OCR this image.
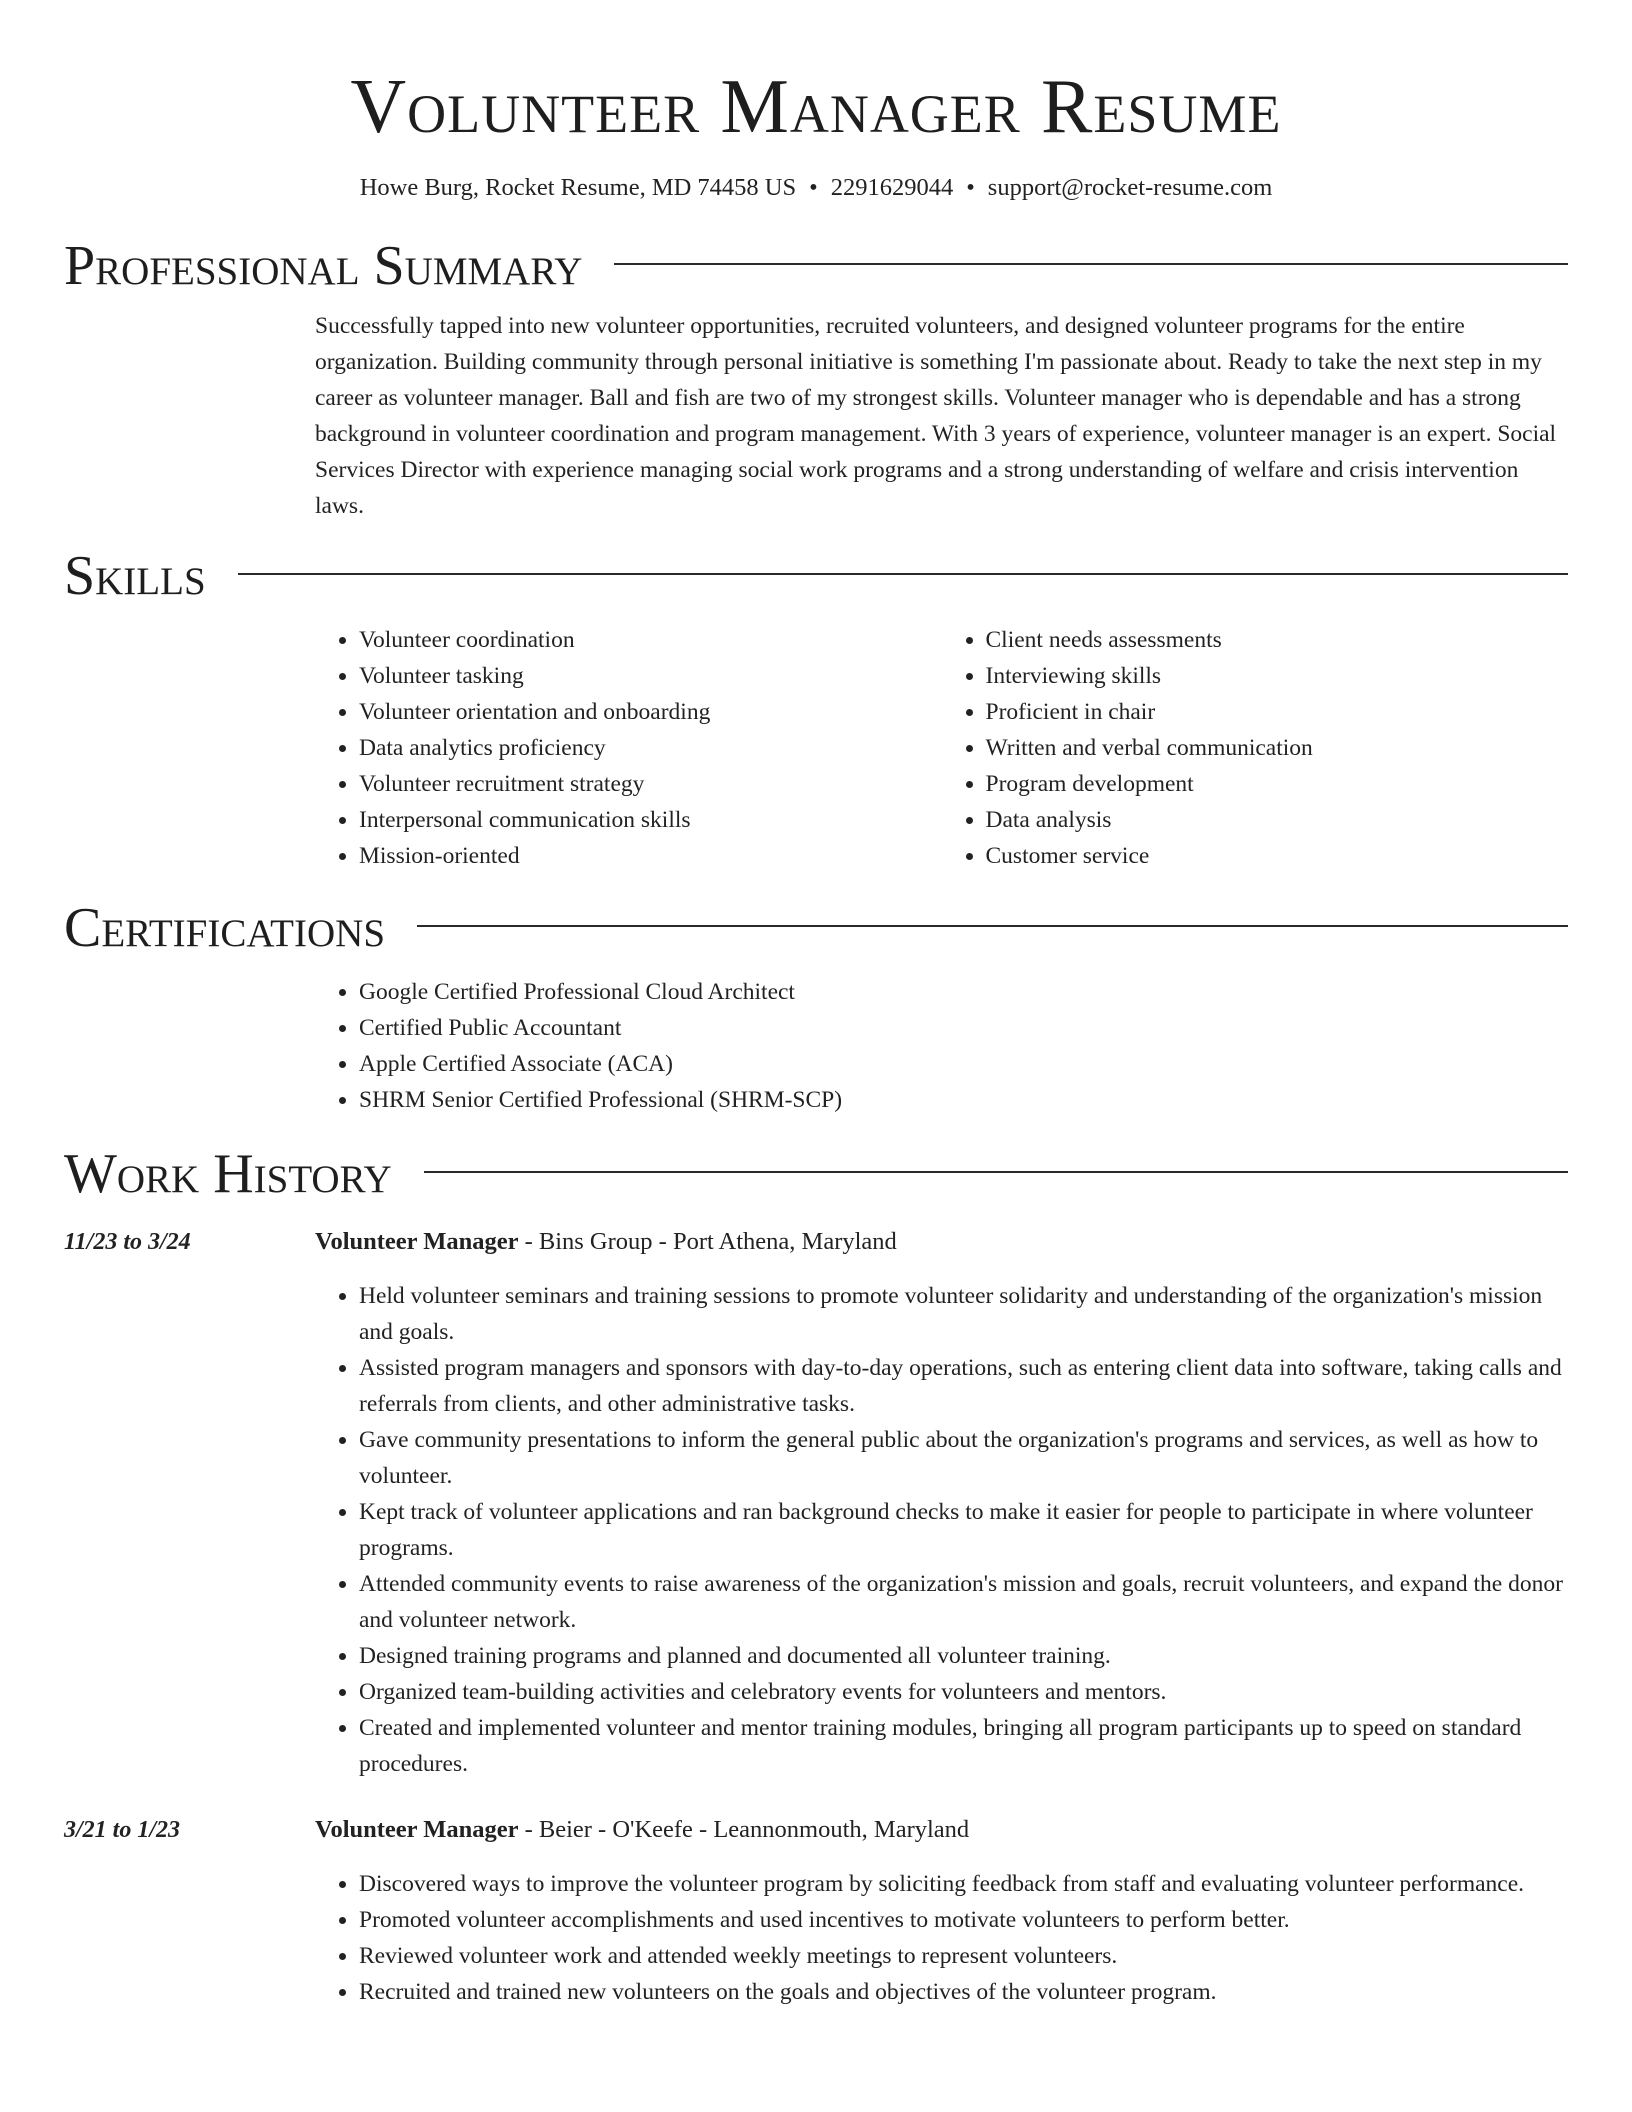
Volunteer Manager Resume
Howe Burg, Rocket Resume, MD 74458 US • 2291629044 • support@rocket-resume.com
Professional Summary
Successfully tapped into new volunteer opportunities, recruited volunteers, and designed volunteer programs for the entire organization. Building community through personal initiative is something I'm passionate about. Ready to take the next step in my career as volunteer manager. Ball and fish are two of my strongest skills. Volunteer manager who is dependable and has a strong background in volunteer coordination and program management. With 3 years of experience, volunteer manager is an expert. Social Services Director with experience managing social work programs and a strong understanding of welfare and crisis intervention laws.
Skills
• Volunteer coordination
• Volunteer tasking
• Volunteer orientation and onboarding
• Data analytics proficiency
• Volunteer recruitment strategy
• Interpersonal communication skills
• Mission-oriented
• Client needs assessments
• Interviewing skills
• Proficient in chair
• Written and verbal communication
• Program development
• Data analysis
• Customer service
Certifications
• Google Certified Professional Cloud Architect
• Certified Public Accountant
• Apple Certified Associate (ACA)
• SHRM Senior Certified Professional (SHRM-SCP)
Work History
11/23 to 3/24	Volunteer Manager - Bins Group - Port Athena, Maryland
• Held volunteer seminars and training sessions to promote volunteer solidarity and understanding of the organization's mission and goals.
• Assisted program managers and sponsors with day-to-day operations, such as entering client data into software, taking calls and referrals from clients, and other administrative tasks.
• Gave community presentations to inform the general public about the organization's programs and services, as well as how to volunteer.
• Kept track of volunteer applications and ran background checks to make it easier for people to participate in where volunteer programs.
• Attended community events to raise awareness of the organization's mission and goals, recruit volunteers, and expand the donor and volunteer network.
• Designed training programs and planned and documented all volunteer training.
• Organized team-building activities and celebratory events for volunteers and mentors.
• Created and implemented volunteer and mentor training modules, bringing all program participants up to speed on standard procedures.
3/21 to 1/23	Volunteer Manager - Beier - O'Keefe - Leannonmouth, Maryland
• Discovered ways to improve the volunteer program by soliciting feedback from staff and evaluating volunteer performance.
• Promoted volunteer accomplishments and used incentives to motivate volunteers to perform better.
• Reviewed volunteer work and attended weekly meetings to represent volunteers.
• Recruited and trained new volunteers on the goals and objectives of the volunteer program.
